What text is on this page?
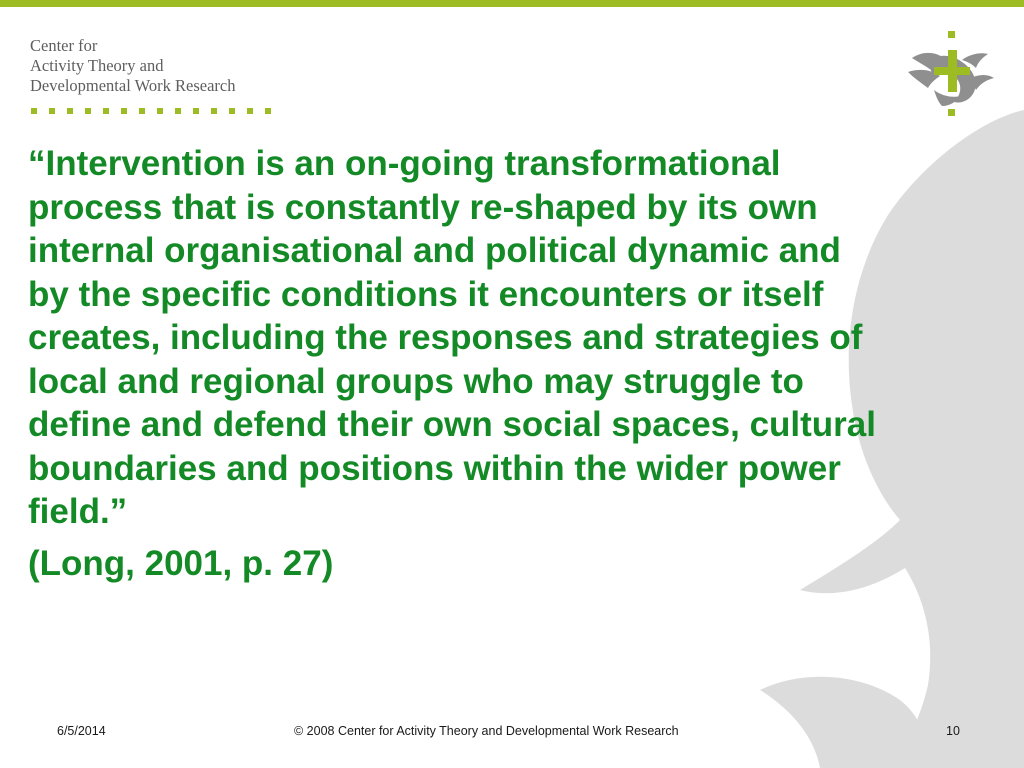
Center for
Activity Theory and
Developmental Work Research

“Intervention is an on-going transformational
process that is constantly re-shaped by its own
internal organisational and political dynamic and
by the specific conditions it encounters or itself
creates, including the responses and strategies of
local and regional groups who may struggle to
define and defend their own social spaces, cultural
boundaries and positions within the wider power
field.”

(Long, 2001, p. 27)

6/5/2014	© 2008 Center for Activity Theory and Developmental Work Research	10
